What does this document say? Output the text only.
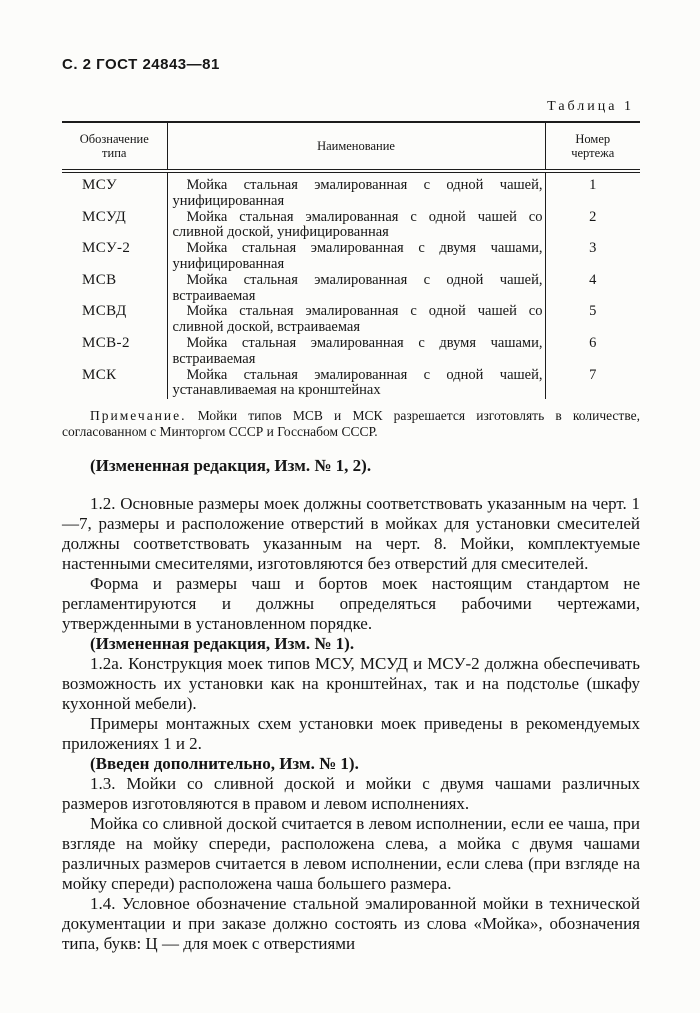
С. 2 ГОСТ 24843—81
Таблица 1
Обозначение типа	Наименование	Номер чертежа
МСУ	Мойка стальная эмалированная с одной чашей, унифицированная	1
МСУД	Мойка стальная эмалированная с одной чашей со сливной доской, унифицированная	2
МСУ-2	Мойка стальная эмалированная с двумя чашами, унифицированная	3
МСВ	Мойка стальная эмалированная с одной чашей, встраиваемая	4
МСВД	Мойка стальная эмалированная с одной чашей со сливной доской, встраиваемая	5
МСВ-2	Мойка стальная эмалированная с двумя чашами, встраиваемая	6
МСК	Мойка стальная эмалированная с одной чашей, устанавливаемая на кронштейнах	7

Примечание. Мойки типов МСВ и МСК разрешается изготовлять в количестве, согласованном с Минторгом СССР и Госснабом СССР.

(Измененная редакция, Изм. № 1, 2).

1.2. Основные размеры моек должны соответствовать указанным на черт. 1—7, размеры и расположение отверстий в мойках для установки смесителей должны соответствовать указанным на черт. 8. Мойки, комплектуемые настенными смесителями, изготовляются без отверстий для смесителей.

Форма и размеры чаш и бортов моек настоящим стандартом не регламентируются и должны определяться рабочими чертежами, утвержденными в установленном порядке.

(Измененная редакция, Изм. № 1).

1.2а. Конструкция моек типов МСУ, МСУД и МСУ-2 должна обеспечивать возможность их установки как на кронштейнах, так и на подстолье (шкафу кухонной мебели).

Примеры монтажных схем установки моек приведены в рекомендуемых приложениях 1 и 2.

(Введен дополнительно, Изм. № 1).

1.3. Мойки со сливной доской и мойки с двумя чашами различных размеров изготовляются в правом и левом исполнениях.

Мойка со сливной доской считается в левом исполнении, если ее чаша, при взгляде на мойку спереди, расположена слева, а мойка с двумя чашами различных размеров считается в левом исполнении, если слева (при взгляде на мойку спереди) расположена чаша большего размера.

1.4. Условное обозначение стальной эмалированной мойки в технической документации и при заказе должно состоять из слова «Мойка», обозначения типа, букв: Ц — для моек с отверстиями
